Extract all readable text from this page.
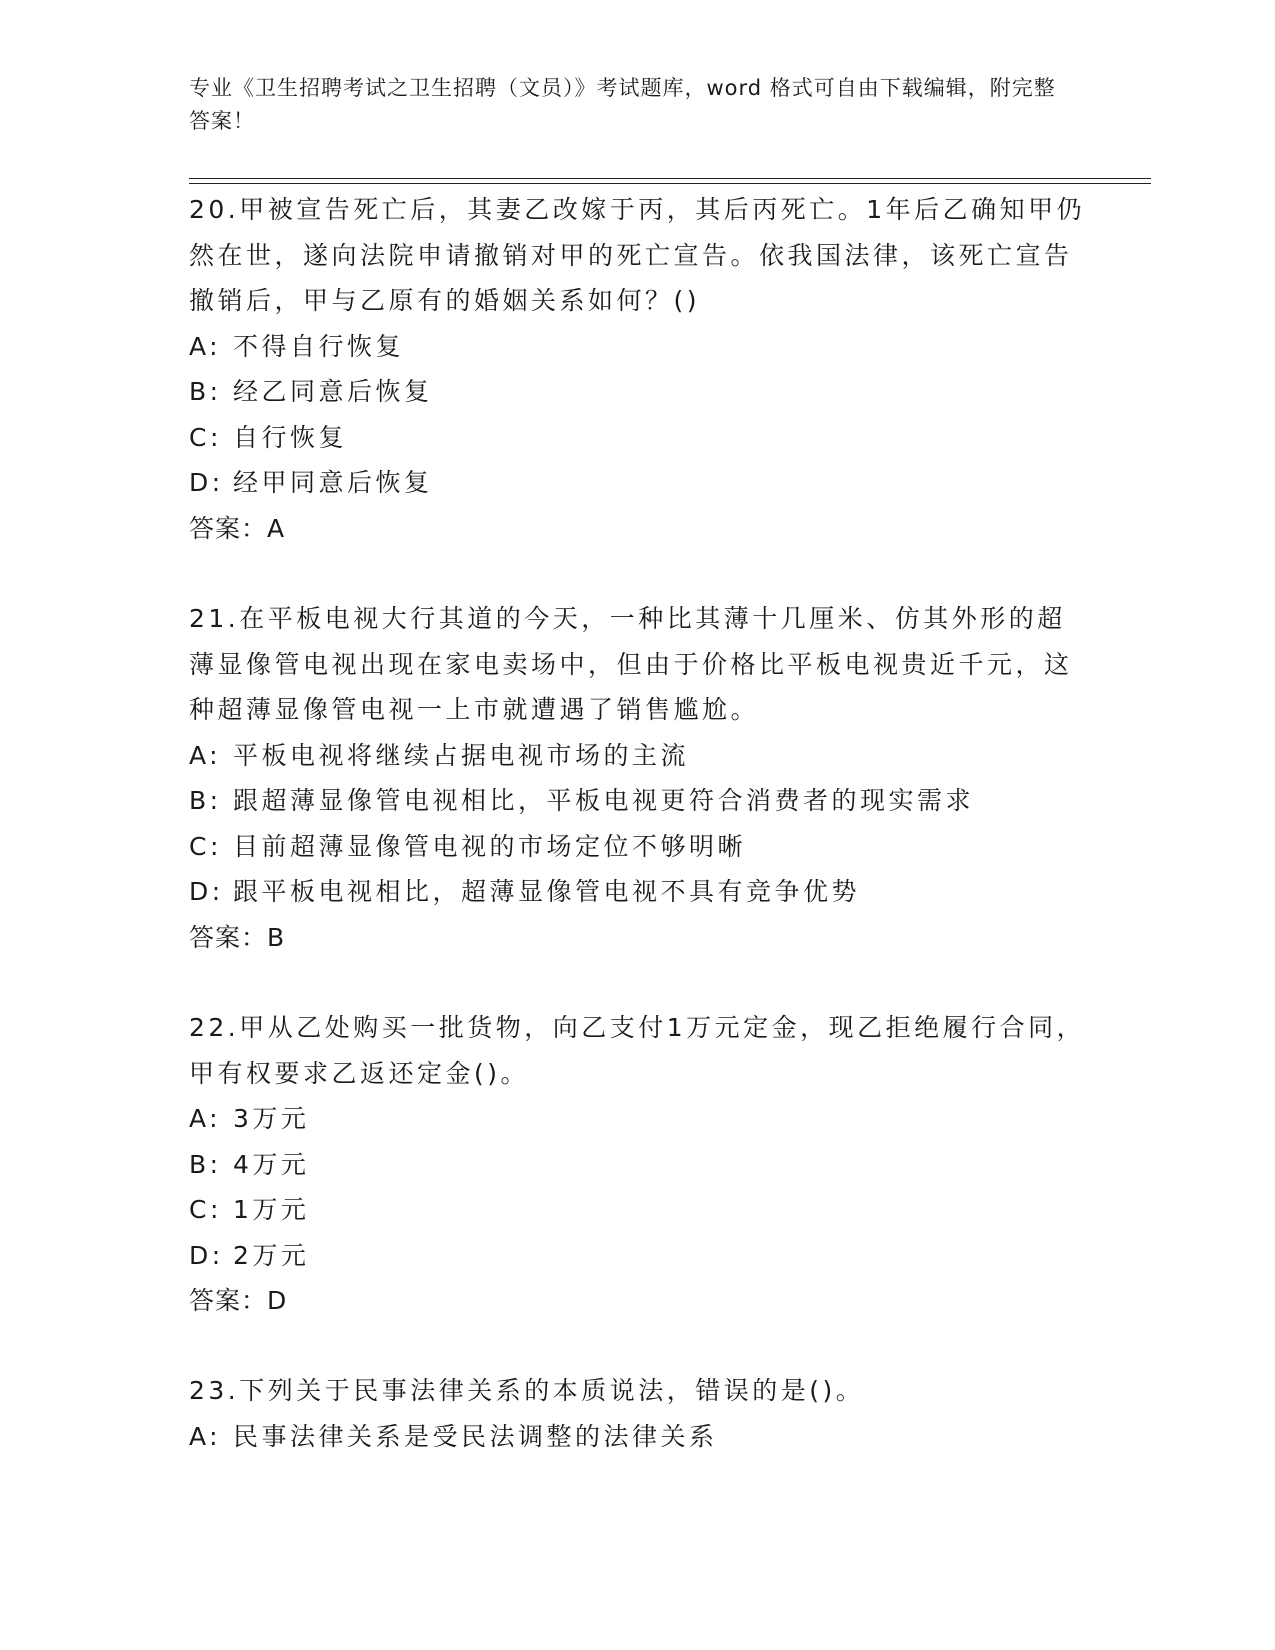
专业《卫生招聘考试之卫生招聘（文员）》考试题库，word 格式可自由下载编辑，附完整答案！

20.甲被宣告死亡后，其妻乙改嫁于丙，其后丙死亡。1年后乙确知甲仍然在世，遂向法院申请撤销对甲的死亡宣告。依我国法律，该死亡宣告撤销后，甲与乙原有的婚姻关系如何？()

A: 不得自行恢复

B: 经乙同意后恢复

C: 自行恢复

D: 经甲同意后恢复

答案：A

21.在平板电视大行其道的今天，一种比其薄十几厘米、仿其外形的超薄显像管电视出现在家电卖场中，但由于价格比平板电视贵近千元，这种超薄显像管电视一上市就遭遇了销售尴尬。

A: 平板电视将继续占据电视市场的主流

B: 跟超薄显像管电视相比，平板电视更符合消费者的现实需求

C: 目前超薄显像管电视的市场定位不够明晰

D: 跟平板电视相比，超薄显像管电视不具有竞争优势

答案：B

22.甲从乙处购买一批货物，向乙支付1万元定金，现乙拒绝履行合同，甲有权要求乙返还定金()。

A: 3万元

B: 4万元

C: 1万元

D: 2万元

答案：D

23.下列关于民事法律关系的本质说法，错误的是()。

A: 民事法律关系是受民法调整的法律关系
